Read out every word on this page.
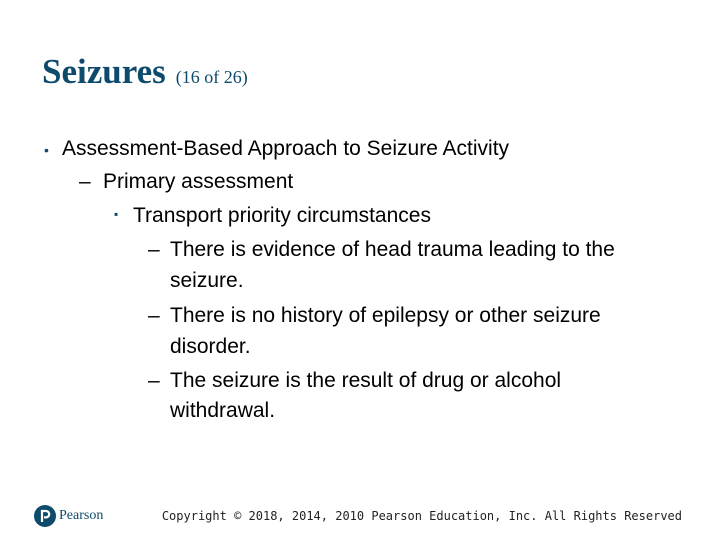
Seizures (16 of 26)
• Assessment-Based Approach to Seizure Activity
– Primary assessment
▪ Transport priority circumstances
– There is evidence of head trauma leading to the
seizure.
– There is no history of epilepsy or other seizure
disorder.
– The seizure is the result of drug or alcohol
withdrawal.
Pearson	Copyright © 2018, 2014, 2010 Pearson Education, Inc. All Rights Reserved
